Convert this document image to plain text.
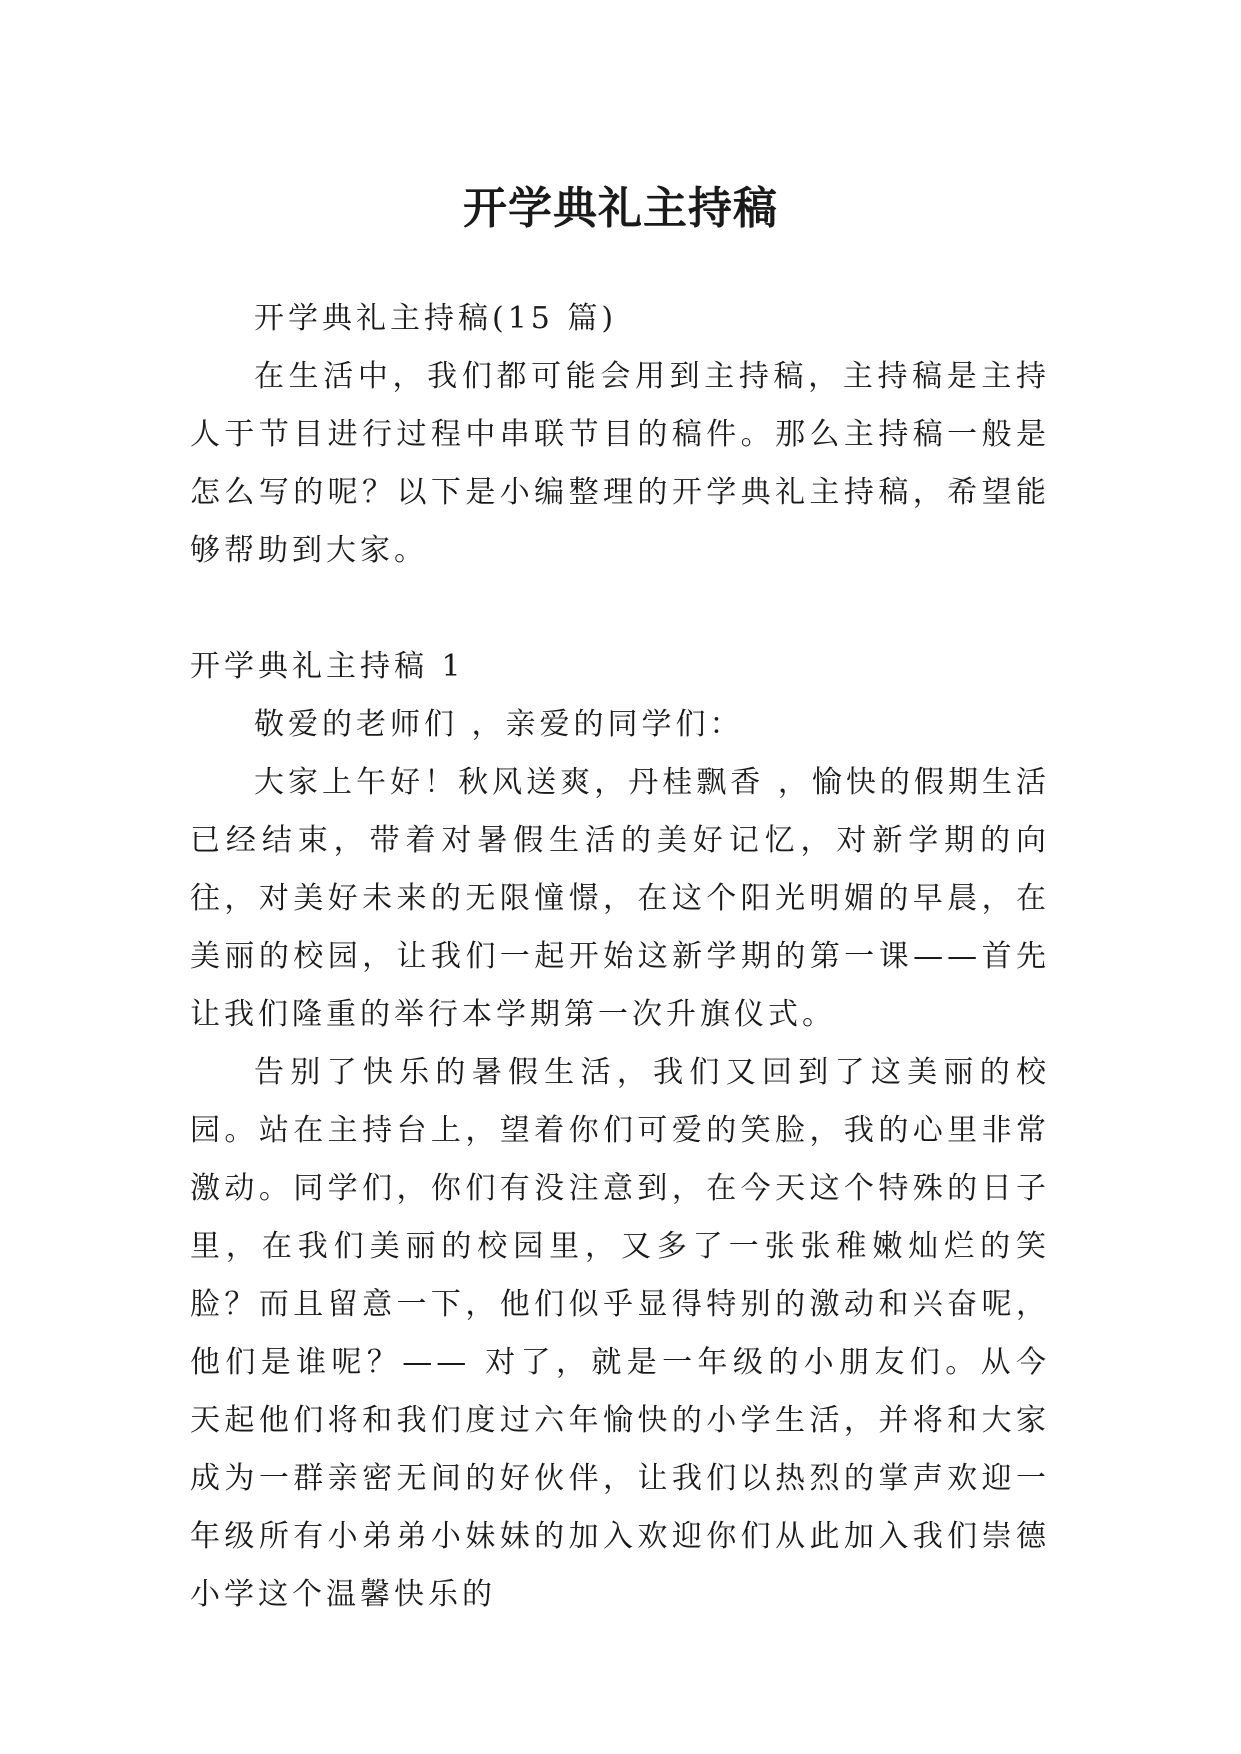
开学典礼主持稿

开学典礼主持稿(15 篇)

在生活中，我们都可能会用到主持稿，主持稿是主持人于节目进行过程中串联节目的稿件。那么主持稿一般是怎么写的呢？以下是小编整理的开学典礼主持稿，希望能够帮助到大家。

开学典礼主持稿 1

敬爱的老师们 ，亲爱的同学们：

大家上午好！秋风送爽，丹桂飘香 ，愉快的假期生活已经结束，带着对暑假生活的美好记忆，对新学期的向往，对美好未来的无限憧憬，在这个阳光明媚的早晨，在美丽的校园，让我们一起开始这新学期的第一课——首先让我们隆重的举行本学期第一次升旗仪式。

告别了快乐的暑假生活，我们又回到了这美丽的校园。站在主持台上，望着你们可爱的笑脸，我的心里非常激动。同学们，你们有没注意到，在今天这个特殊的日子里，在我们美丽的校园里，又多了一张张稚嫩灿烂的笑脸？而且留意一下，他们似乎显得特别的激动和兴奋呢，他们是谁呢？—— 对了，就是一年级的小朋友们。从今天起他们将和我们度过六年愉快的小学生活，并将和大家成为一群亲密无间的好伙伴，让我们以热烈的掌声欢迎一年级所有小弟弟小妹妹的加入欢迎你们从此加入我们崇德小学这个温馨快乐的
